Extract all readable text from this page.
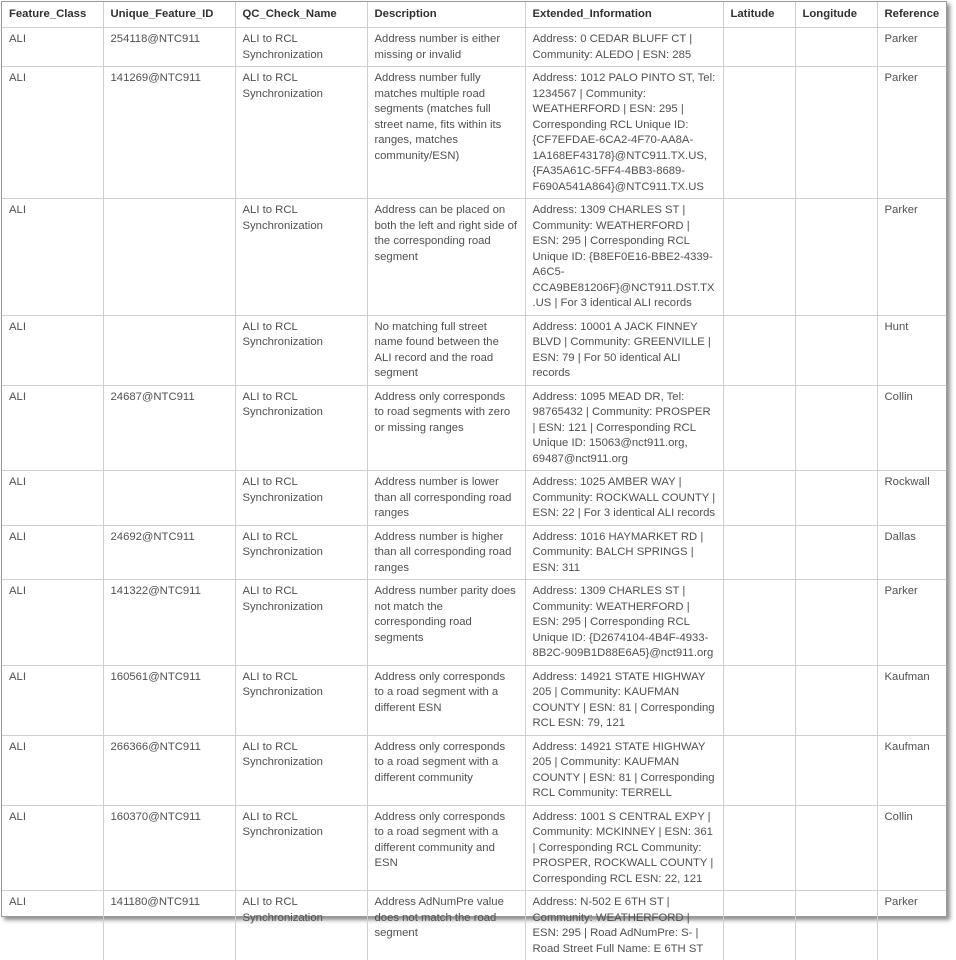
Feature_Class	Unique_Feature_ID	QC_Check_Name	Description	Extended_Information	Latitude	Longitude	Reference
ALI	254118@NTC911	ALI to RCL Synchronization	Address number is either missing or invalid	Address: 0 CEDAR BLUFF CT | Community: ALEDO | ESN: 285			Parker
ALI	141269@NTC911	ALI to RCL Synchronization	Address number fully matches multiple road segments (matches full street name, fits within its ranges, matches community/ESN)	Address: 1012 PALO PINTO ST, Tel: 1234567 | Community: WEATHERFORD | ESN: 295 | Corresponding RCL Unique ID: {CF7EFDAE-6CA2-4F70-AA8A-1A168EF43178}@NTC911.TX.US, {FA35A61C-5FF4-4BB3-8689-F690A541A864}@NTC911.TX.US			Parker
ALI		ALI to RCL Synchronization	Address can be placed on both the left and right side of the corresponding road segment	Address: 1309 CHARLES ST | Community: WEATHERFORD | ESN: 295 | Corresponding RCL Unique ID: {B8EF0E16-BBE2-4339-A6C5-CCA9BE81206F}@NCT911.DST.TX.US | For 3 identical ALI records			Parker
ALI		ALI to RCL Synchronization	No matching full street name found between the ALI record and the road segment	Address: 10001 A JACK FINNEY BLVD | Community: GREENVILLE | ESN: 79 | For 50 identical ALI records			Hunt
ALI	24687@NTC911	ALI to RCL Synchronization	Address only corresponds to road segments with zero or missing ranges	Address: 1095 MEAD DR, Tel: 98765432 | Community: PROSPER | ESN: 121 | Corresponding RCL Unique ID: 15063@nct911.org, 69487@nct911.org			Collin
ALI		ALI to RCL Synchronization	Address number is lower than all corresponding road ranges	Address: 1025 AMBER WAY | Community: ROCKWALL COUNTY | ESN: 22 | For 3 identical ALI records			Rockwall
ALI	24692@NTC911	ALI to RCL Synchronization	Address number is higher than all corresponding road ranges	Address: 1016 HAYMARKET RD | Community: BALCH SPRINGS | ESN: 311			Dallas
ALI	141322@NTC911	ALI to RCL Synchronization	Address number parity does not match the corresponding road segments	Address: 1309 CHARLES ST | Community: WEATHERFORD | ESN: 295 | Corresponding RCL Unique ID: {D2674104-4B4F-4933-8B2C-909B1D88E6A5}@nct911.org			Parker
ALI	160561@NTC911	ALI to RCL Synchronization	Address only corresponds to a road segment with a different ESN	Address: 14921 STATE HIGHWAY 205 | Community: KAUFMAN COUNTY | ESN: 81 | Corresponding RCL ESN: 79, 121			Kaufman
ALI	266366@NTC911	ALI to RCL Synchronization	Address only corresponds to a road segment with a different community	Address: 14921 STATE HIGHWAY 205 | Community: KAUFMAN COUNTY | ESN: 81 | Corresponding RCL Community: TERRELL			Kaufman
ALI	160370@NTC911	ALI to RCL Synchronization	Address only corresponds to a road segment with a different community and ESN	Address: 1001 S CENTRAL EXPY | Community: MCKINNEY | ESN: 361 | Corresponding RCL Community: PROSPER, ROCKWALL COUNTY | Corresponding RCL ESN: 22, 121			Collin
ALI	141180@NTC911	ALI to RCL Synchronization	Address AdNumPre value does not match the road segment	Address: N-502 E 6TH ST | Community: WEATHERFORD | ESN: 295 | Road AdNumPre: S- | Road Street Full Name: E 6TH ST			Parker
